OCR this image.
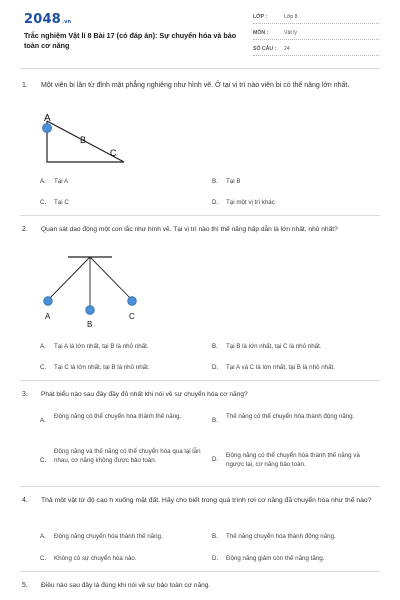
2048.vn
Trắc nghiệm Vật lí 8 Bài 17 (có đáp án): Sự chuyển hóa và bảo toàn cơ năng
LỚP :	Lớp 8
MÔN :	Vật lý
SỐ CÂU : 24
1. Một viên bi lăn từ đỉnh mặt phẳng nghiêng như hình vẽ. Ở tại vị trí nào viên bi có thế năng lớn nhất.
A
B
C
A.	Tại A	B.	Tại B
C.	Tại C	D.	Tại một vị trí khác
2. Quan sát dao động một con lắc như hình vẽ. Tại vị trí nào thì thế năng hấp dẫn là lớn nhất, nhỏ nhất?
A
B
C
A.	Tại A là lớn nhất, tại B là nhỏ nhất.	B.	Tại B là lớn nhất, tại C là nhỏ nhất.
C.	Tại C là lớn nhất, tại B là nhỏ nhất.	D.	Tại A và C là lớn nhất, tại B là nhỏ nhất.
3. Phát biểu nào sau đây đầy đủ nhất khi nói về sự chuyển hóa cơ năng?
A.
Động năng có thể chuyển hóa thành thế năng.
B.
Thế năng có thể chuyển hóa thành động năng.
C.
Động năng và thế năng có thể chuyển hóa qua lại lẫn nhau, cơ năng không được bảo toàn.	D.
Động năng có thể chuyển hóa thành thế năng và ngược lại, cơ năng bảo toàn.
4. Thả một vật từ độ cao h xuống mặt đất. Hãy cho biết trong quá trình rơi cơ năng đã chuyển hóa như thế nào?
A.	Động năng chuyển hóa thành thế năng.	B.	Thế năng chuyển hóa thành động năng.
C.	Không có sự chuyển hóa nào.	D.	Động năng giảm còn thế năng tăng.
5. Điều nào sau đây là đúng khi nói về sự bảo toàn cơ năng.
